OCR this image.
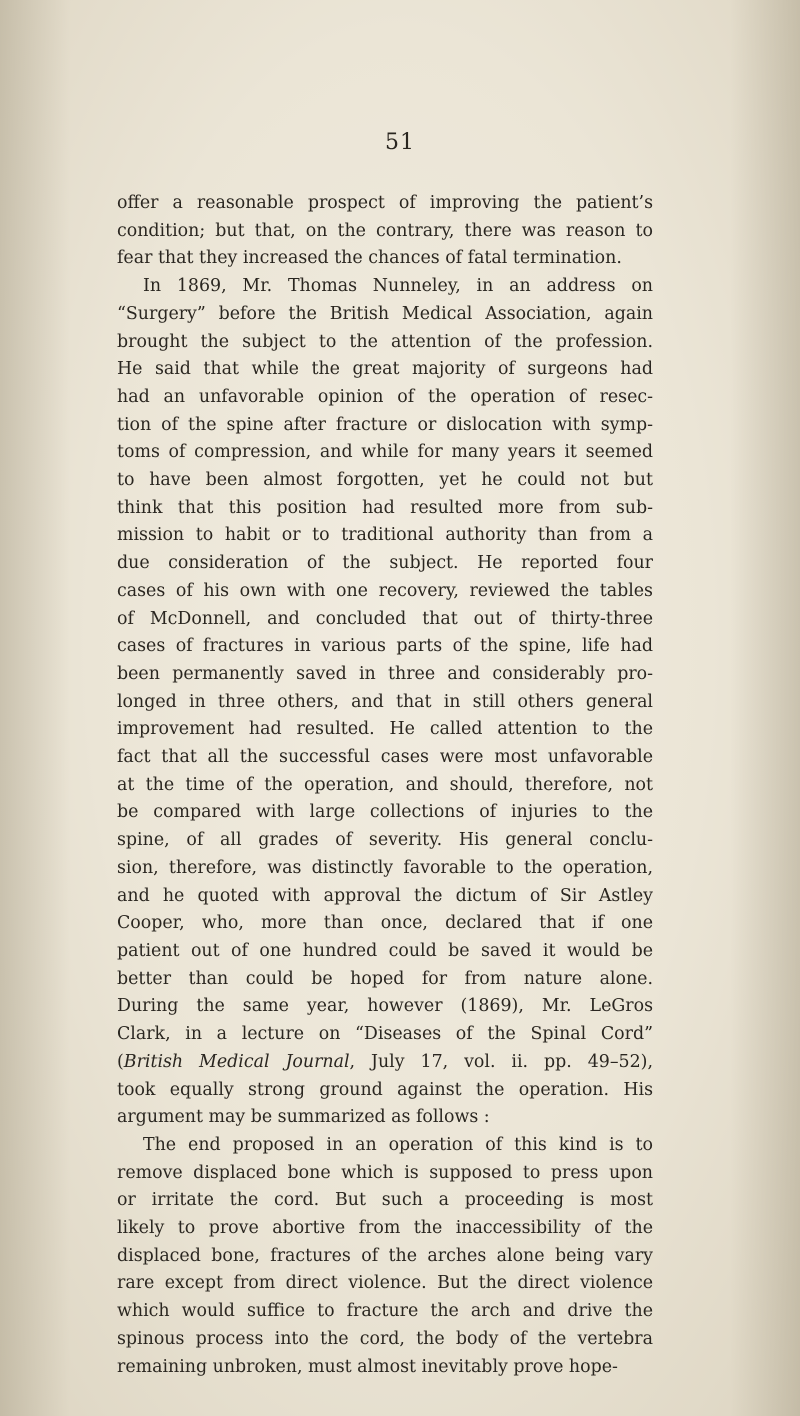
51

offer a reasonable prospect of improving the patient’s
condition; but that, on the contrary, there was reason to
fear that they increased the chances of fatal termination.

In 1869, Mr. Thomas Nunneley, in an address on
“Surgery” before the British Medical Association, again
brought the subject to the attention of the profession.
He said that while the great majority of surgeons had
had an unfavorable opinion of the operation of resec-
tion of the spine after fracture or dislocation with symp-
toms of compression, and while for many years it seemed
to have been almost forgotten, yet he could not but
think that this position had resulted more from sub-
mission to habit or to traditional authority than from a
due consideration of the subject. He reported four
cases of his own with one recovery, reviewed the tables
of McDonnell, and concluded that out of thirty-three
cases of fractures in various parts of the spine, life had
been permanently saved in three and considerably pro-
longed in three others, and that in still others general
improvement had resulted. He called attention to the
fact that all the successful cases were most unfavorable
at the time of the operation, and should, therefore, not
be compared with large collections of injuries to the
spine, of all grades of severity. His general conclu-
sion, therefore, was distinctly favorable to the operation,
and he quoted with approval the dictum of Sir Astley
Cooper, who, more than once, declared that if one
patient out of one hundred could be saved it would be
better than could be hoped for from nature alone.
During the same year, however (1869), Mr. LeGros
Clark, in a lecture on “Diseases of the Spinal Cord”
(British Medical Journal, July 17, vol. ii. pp. 49–52),
took equally strong ground against the operation. His
argument may be summarized as follows :

The end proposed in an operation of this kind is to
remove displaced bone which is supposed to press upon
or irritate the cord. But such a proceeding is most
likely to prove abortive from the inaccessibility of the
displaced bone, fractures of the arches alone being vary
rare except from direct violence. But the direct violence
which would suffice to fracture the arch and drive the
spinous process into the cord, the body of the vertebra
remaining unbroken, must almost inevitably prove hope-
